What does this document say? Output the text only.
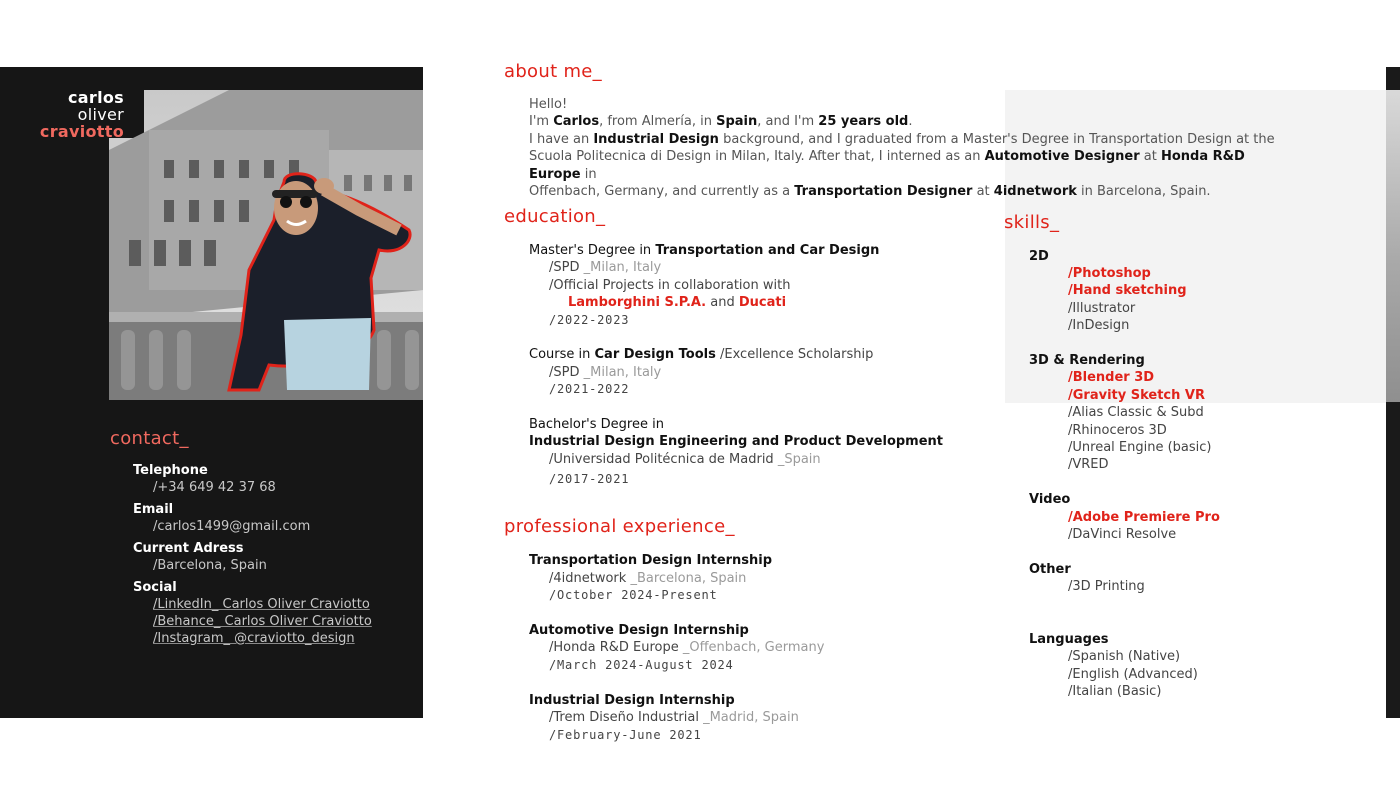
carlos
oliver
craviotto
contact_
Telephone
/+34 649 42 37 68
Email
/carlos1499@gmail.com
Current Adress
/Barcelona, Spain
Social
/LinkedIn_ Carlos Oliver Craviotto
/Behance_ Carlos Oliver Craviotto
/Instagram_ @craviotto_design
about me_
Hello!
I'm Carlos, from Almería, in Spain, and I'm 25 years old.
I have an Industrial Design background, and I graduated from a Master's Degree in Transportation Design at the
Scuola Politecnica di Design in Milan, Italy. After that, I interned as an Automotive Designer at Honda R&D Europe in
Offenbach, Germany, and currently as a Transportation Designer at 4idnetwork in Barcelona, Spain.
education_
Master's Degree in Transportation and Car Design
/SPD _Milan, Italy
/Official Projects in collaboration with
Lamborghini S.P.A. and Ducati
/2022-2023
Course in Car Design Tools /Excellence Scholarship
/SPD _Milan, Italy
/2021-2022
Bachelor's Degree in
Industrial Design Engineering and Product Development
/Universidad Politécnica de Madrid _Spain
/2017-2021
professional experience_
Transportation Design Internship
/4idnetwork _Barcelona, Spain
/October 2024-Present
Automotive Design Internship
/Honda R&D Europe _Offenbach, Germany
/March 2024-August 2024
Industrial Design Internship
/Trem Diseño Industrial _Madrid, Spain
/February-June 2021
skills_
2D
/Photoshop
/Hand sketching
/Illustrator
/InDesign
3D & Rendering
/Blender 3D
/Gravity Sketch VR
/Alias Classic & Subd
/Rhinoceros 3D
/Unreal Engine (basic)
/VRED
Video
/Adobe Premiere Pro
/DaVinci Resolve
Other
/3D Printing
Languages
/Spanish (Native)
/English (Advanced)
/Italian (Basic)
